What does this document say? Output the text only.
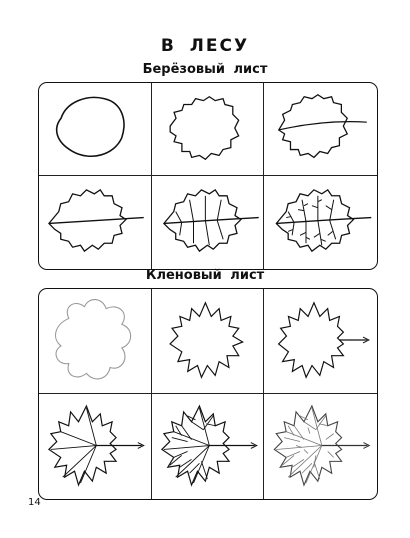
В ЛЕСУ
Берёзовый лист
Кленовый лист
14
